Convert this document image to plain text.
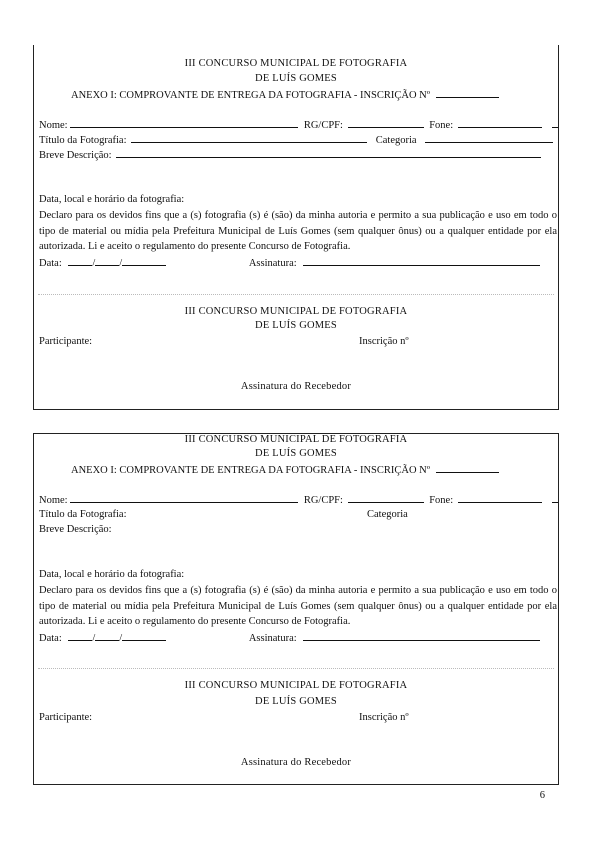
III CONCURSO MUNICIPAL DE FOTOGRAFIA
DE LUÍS GOMES
ANEXO I: COMPROVANTE DE ENTREGA DA FOTOGRAFIA - INSCRIÇÃO Nº
Nome:	RG/CPF:	Fone:
Título da Fotografia:	Categoria
Breve Descrição:
Data, local e horário da fotografia:
Declaro para os devidos fins que a (s) fotografia (s) é (são) da minha autoria e permito a sua publicação e uso em todo o tipo de material ou mídia pela Prefeitura Municipal de Luís Gomes (sem qualquer ônus) ou a qualquer entidade por ela autorizada. Li e aceito o regulamento do presente Concurso de Fotografia.
Data:	/ /	Assinatura:
III CONCURSO MUNICIPAL DE FOTOGRAFIA
DE LUÍS GOMES
Participante:	Inscrição nº
Assinatura do Recebedor
III CONCURSO MUNICIPAL DE FOTOGRAFIA
DE LUÍS GOMES
ANEXO I: COMPROVANTE DE ENTREGA DA FOTOGRAFIA - INSCRIÇÃO Nº
Nome:	RG/CPF:	Fone:
Título da Fotografia:	Categoria
Breve Descrição:
Data, local e horário da fotografia:
Declaro para os devidos fins que a (s) fotografia (s) é (são) da minha autoria e permito a sua publicação e uso em todo o tipo de material ou mídia pela Prefeitura Municipal de Luís Gomes (sem qualquer ônus) ou a qualquer entidade por ela autorizada. Li e aceito o regulamento do presente Concurso de Fotografia.
Data:	/ /	Assinatura:
III CONCURSO MUNICIPAL DE FOTOGRAFIA
DE LUÍS GOMES
Participante:	Inscrição nº
Assinatura do Recebedor
6
